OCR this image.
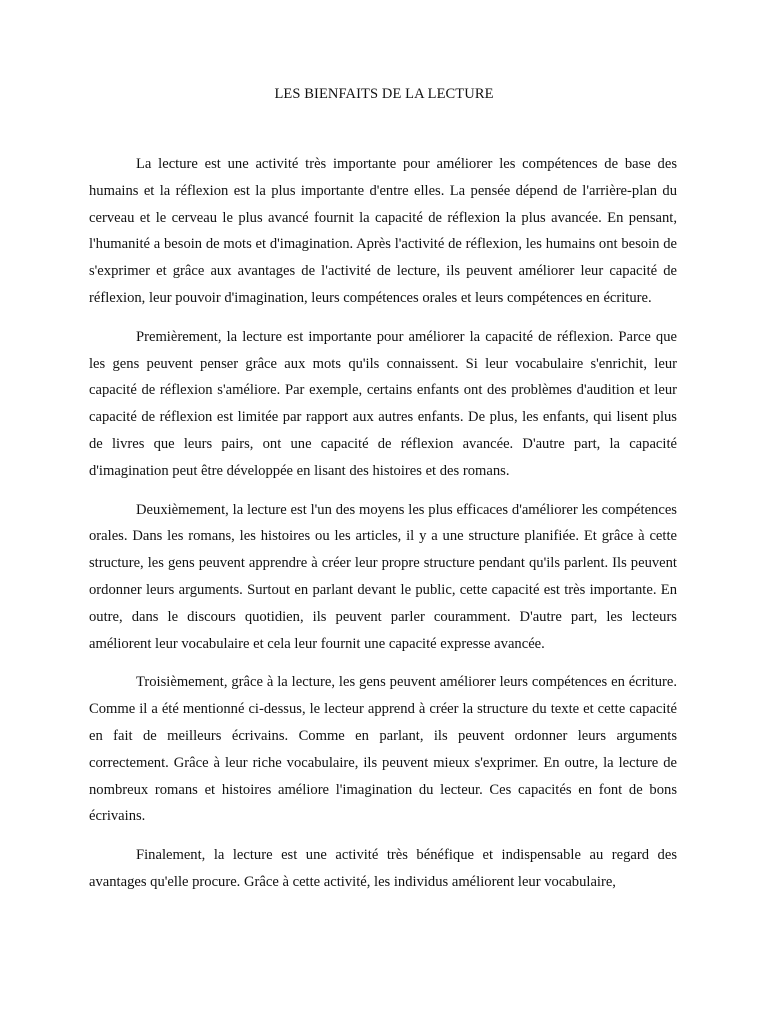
LES BIENFAITS DE LA LECTURE

La lecture est une activité très importante pour améliorer les compétences de base des humains et la réflexion est la plus importante d'entre elles. La pensée dépend de l'arrière-plan du cerveau et le cerveau le plus avancé fournit la capacité de réflexion la plus avancée. En pensant, l'humanité a besoin de mots et d'imagination. Après l'activité de réflexion, les humains ont besoin de s'exprimer et grâce aux avantages de l'activité de lecture, ils peuvent améliorer leur capacité de réflexion, leur pouvoir d'imagination, leurs compétences orales et leurs compétences en écriture.

Premièrement, la lecture est importante pour améliorer la capacité de réflexion. Parce que les gens peuvent penser grâce aux mots qu'ils connaissent. Si leur vocabulaire s'enrichit, leur capacité de réflexion s'améliore. Par exemple, certains enfants ont des problèmes d'audition et leur capacité de réflexion est limitée par rapport aux autres enfants. De plus, les enfants, qui lisent plus de livres que leurs pairs, ont une capacité de réflexion avancée. D'autre part, la capacité d'imagination peut être développée en lisant des histoires et des romans.

Deuxièmement, la lecture est l'un des moyens les plus efficaces d'améliorer les compétences orales. Dans les romans, les histoires ou les articles, il y a une structure planifiée. Et grâce à cette structure, les gens peuvent apprendre à créer leur propre structure pendant qu'ils parlent. Ils peuvent ordonner leurs arguments. Surtout en parlant devant le public, cette capacité est très importante. En outre, dans le discours quotidien, ils peuvent parler couramment. D'autre part, les lecteurs améliorent leur vocabulaire et cela leur fournit une capacité expresse avancée.

Troisièmement, grâce à la lecture, les gens peuvent améliorer leurs compétences en écriture. Comme il a été mentionné ci-dessus, le lecteur apprend à créer la structure du texte et cette capacité en fait de meilleurs écrivains. Comme en parlant, ils peuvent ordonner leurs arguments correctement. Grâce à leur riche vocabulaire, ils peuvent mieux s'exprimer. En outre, la lecture de nombreux romans et histoires améliore l'imagination du lecteur. Ces capacités en font de bons écrivains.

Finalement, la lecture est une activité très bénéfique et indispensable au regard des avantages qu'elle procure. Grâce à cette activité, les individus améliorent leur vocabulaire,
